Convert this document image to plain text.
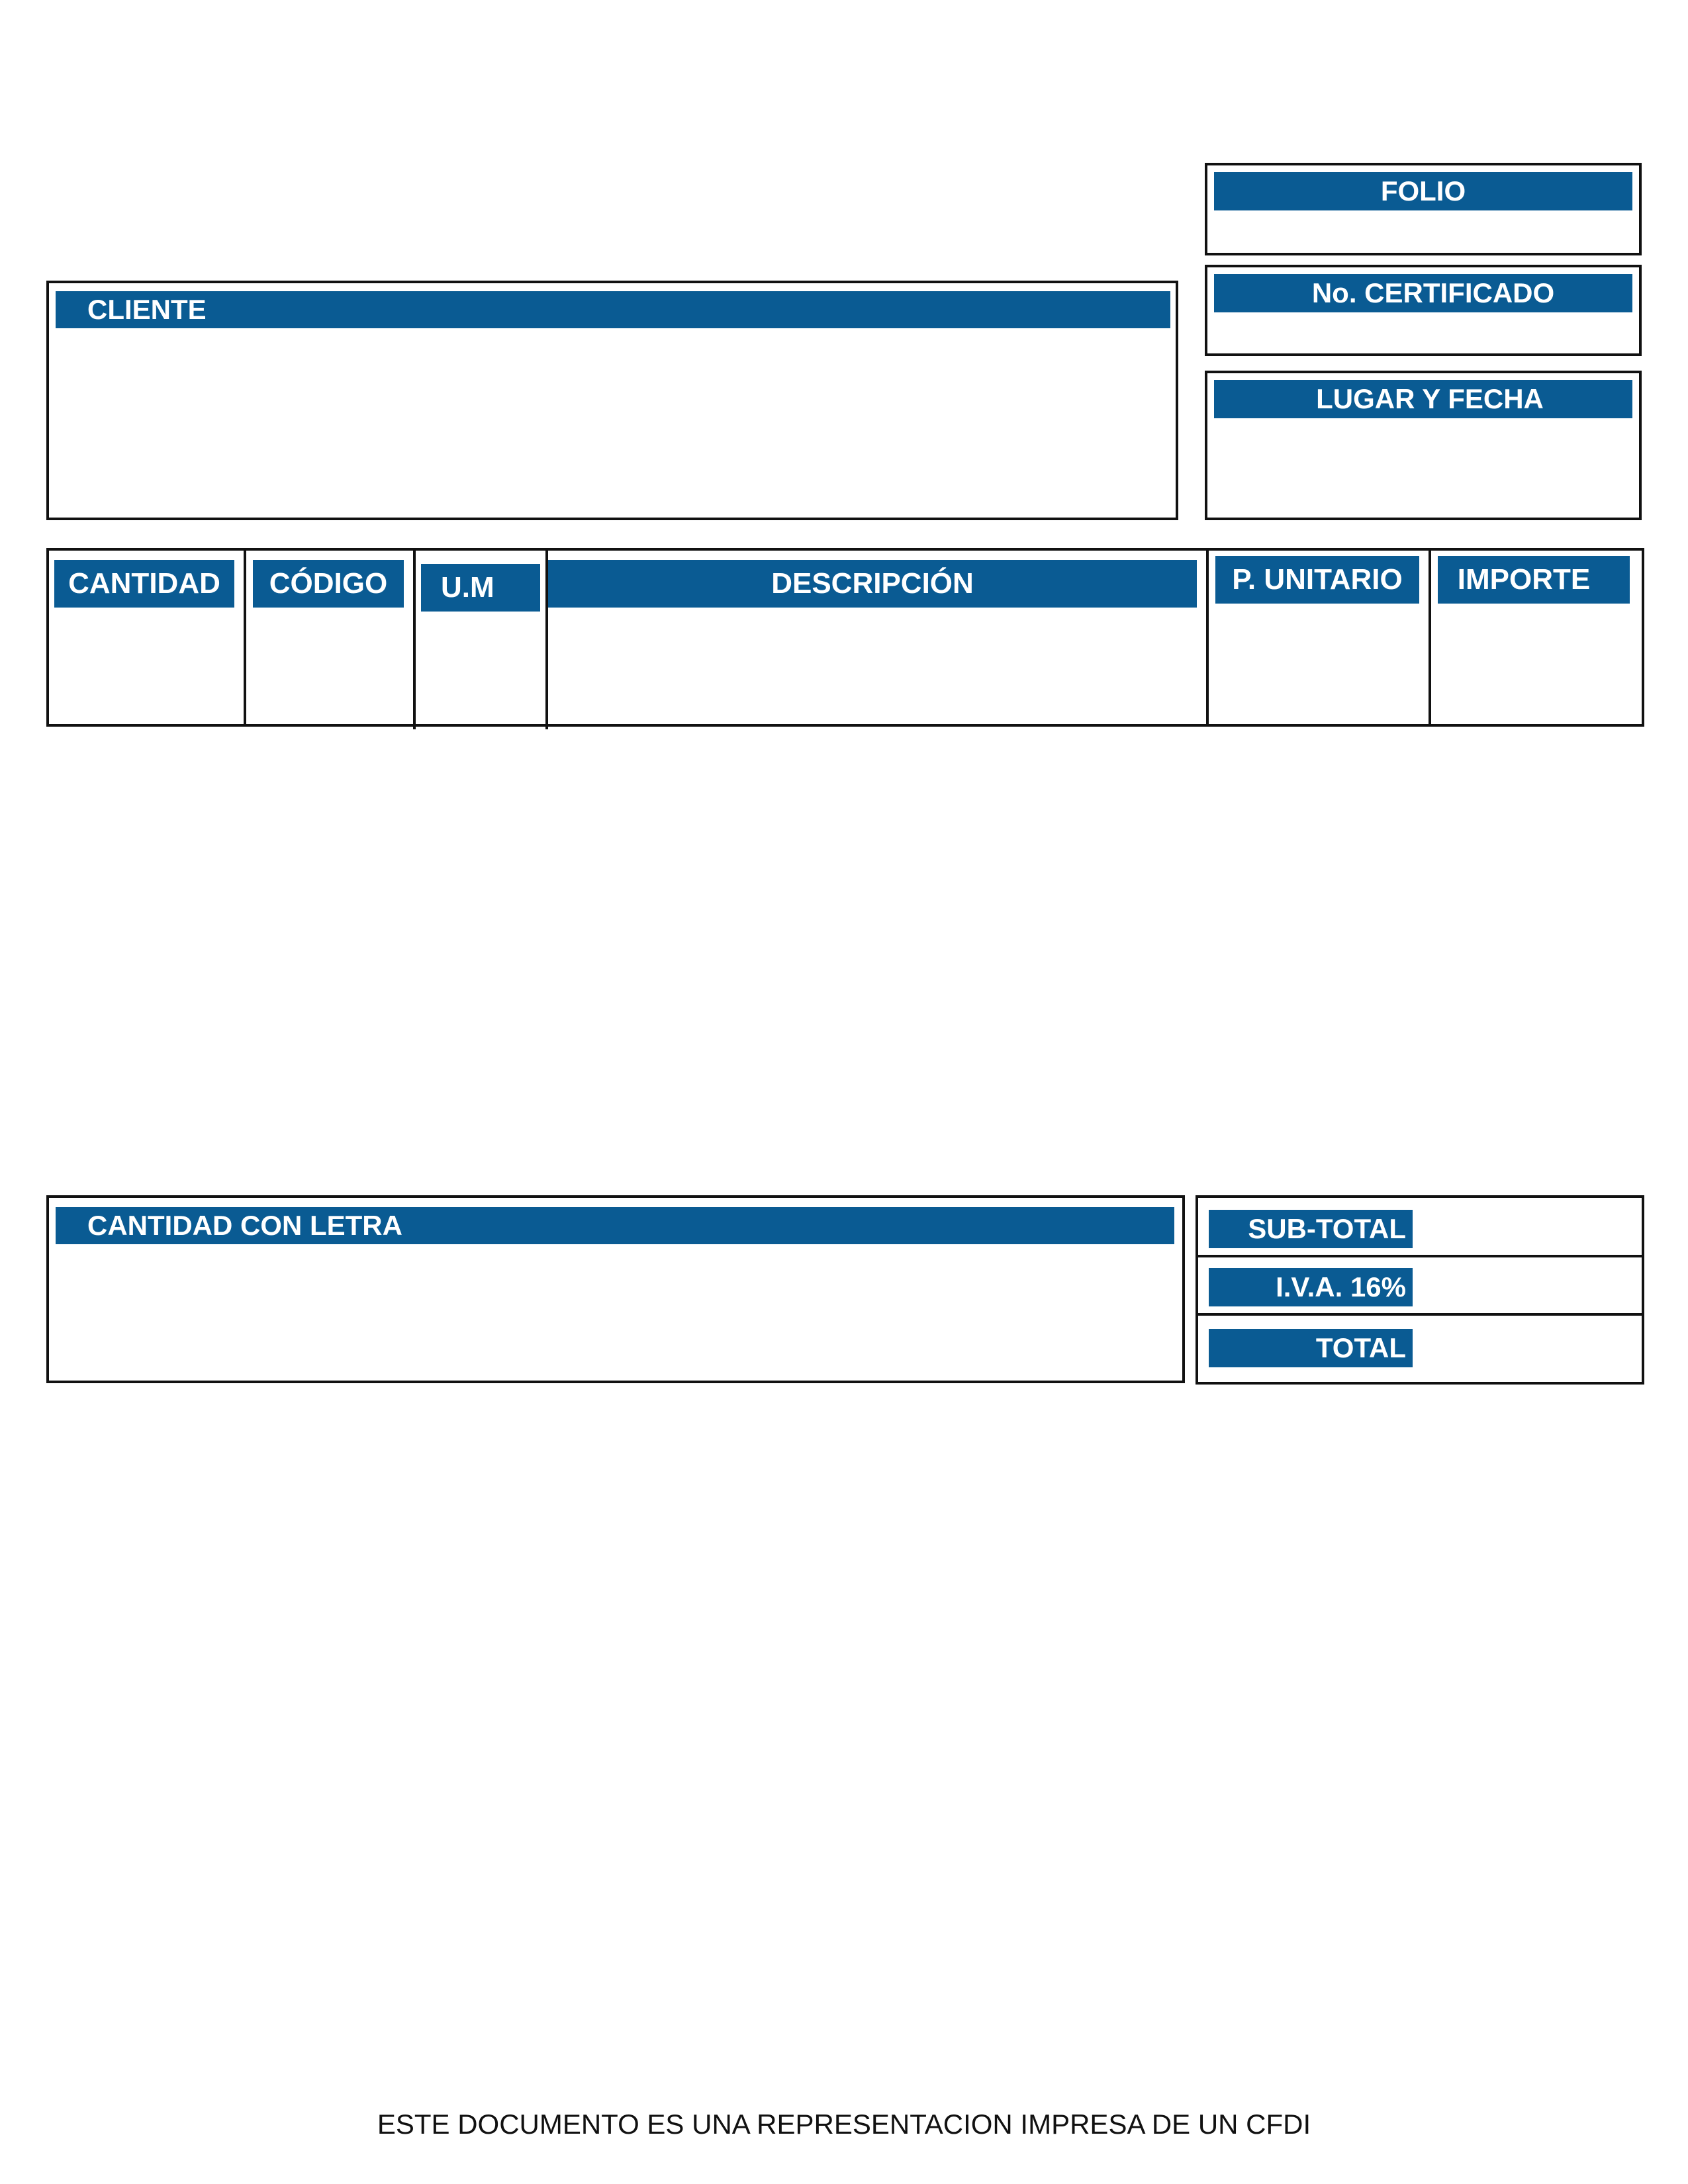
FOLIO
No. CERTIFICADO
LUGAR Y FECHA
CLIENTE
CANTIDAD	CÓDIGO	U.M	DESCRIPCIÓN	P. UNITARIO	IMPORTE
CANTIDAD CON LETRA	SUB-TOTAL
I.V.A. 16%
TOTAL
ESTE DOCUMENTO ES UNA REPRESENTACION IMPRESA DE UN CFDI
